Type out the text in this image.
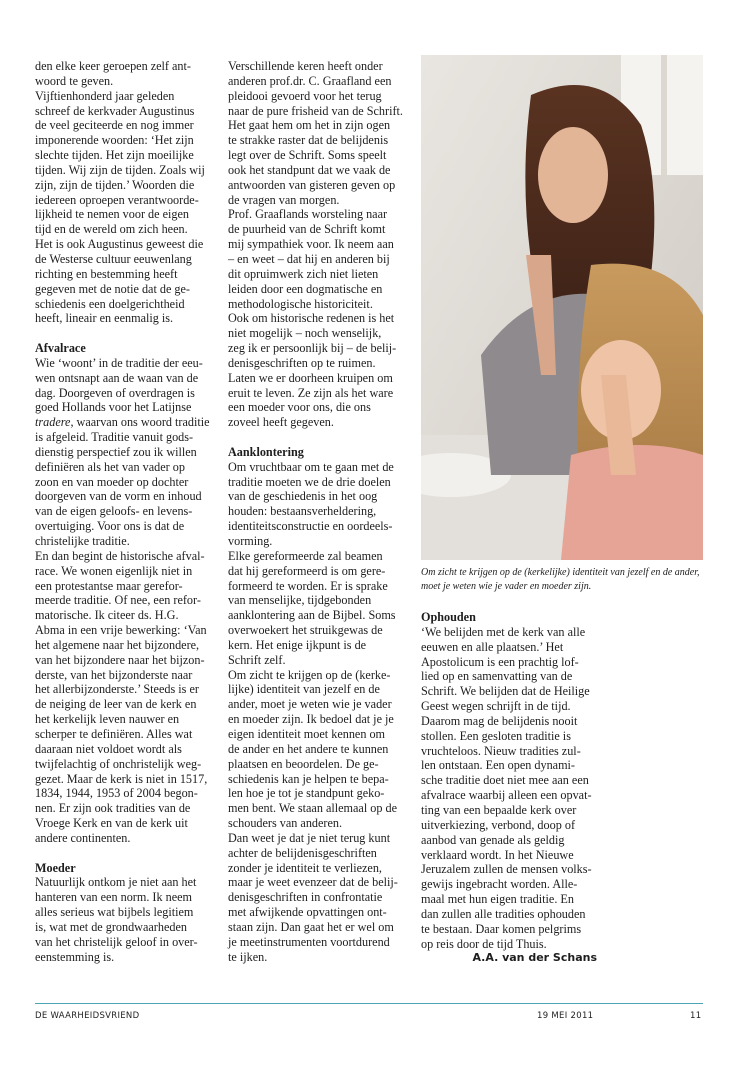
den elke keer geroepen zelf ant-
woord te geven.
Vijftienhonderd jaar geleden
schreef de kerkvader Augustinus
de veel geciteerde en nog immer
imponerende woorden: ‘Het zijn
slechte tijden. Het zijn moeilijke
tijden. Wij zijn de tijden. Zoals wij
zijn, zijn de tijden.’ Woorden die
iedereen oproepen verantwoorde-
lijkheid te nemen voor de eigen
tijd en de wereld om zich heen.
Het is ook Augustinus geweest die
de Westerse cultuur eeuwenlang
richting en bestemming heeft
gegeven met de notie dat de ge-
schiedenis een doelgerichtheid
heeft, lineair en eenmalig is.
Afvalrace
Wie ‘woont’ in de traditie der eeu-
wen ontsnapt aan de waan van de
dag. Doorgeven of overdragen is
goed Hollands voor het Latijnse
tradere, waarvan ons woord traditie
is afgeleid. Traditie vanuit gods-
dienstig perspectief zou ik willen
definiëren als het van vader op
zoon en van moeder op dochter
doorgeven van de vorm en inhoud
van de eigen geloofs- en levens-
overtuiging. Voor ons is dat de
christelijke traditie.
En dan begint de historische afval-
race. We wonen eigenlijk niet in
een protestantse maar gerefor-
meerde traditie. Of nee, een refor-
matorische. Ik citeer ds. H.G.
Abma in een vrije bewerking: ‘Van
het algemene naar het bijzondere,
van het bijzondere naar het bijzon-
derste, van het bijzonderste naar
het allerbijzonderste.’ Steeds is er
de neiging de leer van de kerk en
het kerkelijk leven nauwer en
scherper te definiëren. Alles wat
daaraan niet voldoet wordt als
twijfelachtig of onchristelijk weg-
gezet. Maar de kerk is niet in 1517,
1834, 1944, 1953 of 2004 begon-
nen. Er zijn ook tradities van de
Vroege Kerk en van de kerk uit
andere continenten.
Moeder
Natuurlijk ontkom je niet aan het
hanteren van een norm. Ik neem
alles serieus wat bijbels legitiem
is, wat met de grondwaarheden
van het christelijk geloof in over-
eenstemming is.
Verschillende keren heeft onder
anderen prof.dr. C. Graafland een
pleidooi gevoerd voor het terug
naar de pure frisheid van de Schrift.
Het gaat hem om het in zijn ogen
te strakke raster dat de belijdenis
legt over de Schrift. Soms speelt
ook het standpunt dat we vaak de
antwoorden van gisteren geven op
de vragen van morgen.
Prof. Graaflands worsteling naar
de puurheid van de Schrift komt
mij sympathiek voor. Ik neem aan
– en weet – dat hij en anderen bij
dit opruimwerk zich niet lieten
leiden door een dogmatische en
methodologische historiciteit.
Ook om historische redenen is het
niet mogelijk – noch wenselijk,
zeg ik er persoonlijk bij – de belij-
denisgeschriften op te ruimen.
Laten we er doorheen kruipen om
eruit te leven. Ze zijn als het ware
een moeder voor ons, die ons
zoveel heeft gegeven.
Aanklontering
Om vruchtbaar om te gaan met de
traditie moeten we de drie doelen
van de geschiedenis in het oog
houden: bestaansverheldering,
identiteitsconstructie en oordeels-
vorming.
Elke gereformeerde zal beamen
dat hij gereformeerd is om gere-
formeerd te worden. Er is sprake
van menselijke, tijdgebonden
aanklontering aan de Bijbel. Soms
overwoekert het struikgewas de
kern. Het enige ijkpunt is de
Schrift zelf.
Om zicht te krijgen op de (kerke-
lijke) identiteit van jezelf en de
ander, moet je weten wie je vader
en moeder zijn. Ik bedoel dat je je
eigen identiteit moet kennen om
de ander en het andere te kunnen
plaatsen en beoordelen. De ge-
schiedenis kan je helpen te bepa-
len hoe je tot je standpunt geko-
men bent. We staan allemaal op de
schouders van anderen.
Dan weet je dat je niet terug kunt
achter de belijdenisgeschriften
zonder je identiteit te verliezen,
maar je weet evenzeer dat de belij-
denisgeschriften in confrontatie
met afwijkende opvattingen ont-
staan zijn. Dan gaat het er wel om
je meetinstrumenten voortdurend
te ijken.
Om zicht te krijgen op de (kerkelijke) identiteit van jezelf en de ander,
moet je weten wie je vader en moeder zijn.
Ophouden
‘We belijden met de kerk van alle
eeuwen en alle plaatsen.’ Het
Apostolicum is een prachtig lof-
lied op en samenvatting van de
Schrift. We belijden dat de Heilige
Geest wegen schrijft in de tijd.
Daarom mag de belijdenis nooit
stollen. Een gesloten traditie is
vruchteloos. Nieuw tradities zul-
len ontstaan. Een open dynami-
sche traditie doet niet mee aan een
afvalrace waarbij alleen een opvat-
ting van een bepaalde kerk over
uitverkiezing, verbond, doop of
aanbod van genade als geldig
verklaard wordt. In het Nieuwe
Jeruzalem zullen de mensen volks-
gewijs ingebracht worden. Alle-
maal met hun eigen traditie. En
dan zullen alle tradities ophouden
te bestaan. Daar komen pelgrims
op reis door de tijd Thuis.
A.A. van der Schans
DE WAARHEIDSVRIEND	19 MEI 2011	11
